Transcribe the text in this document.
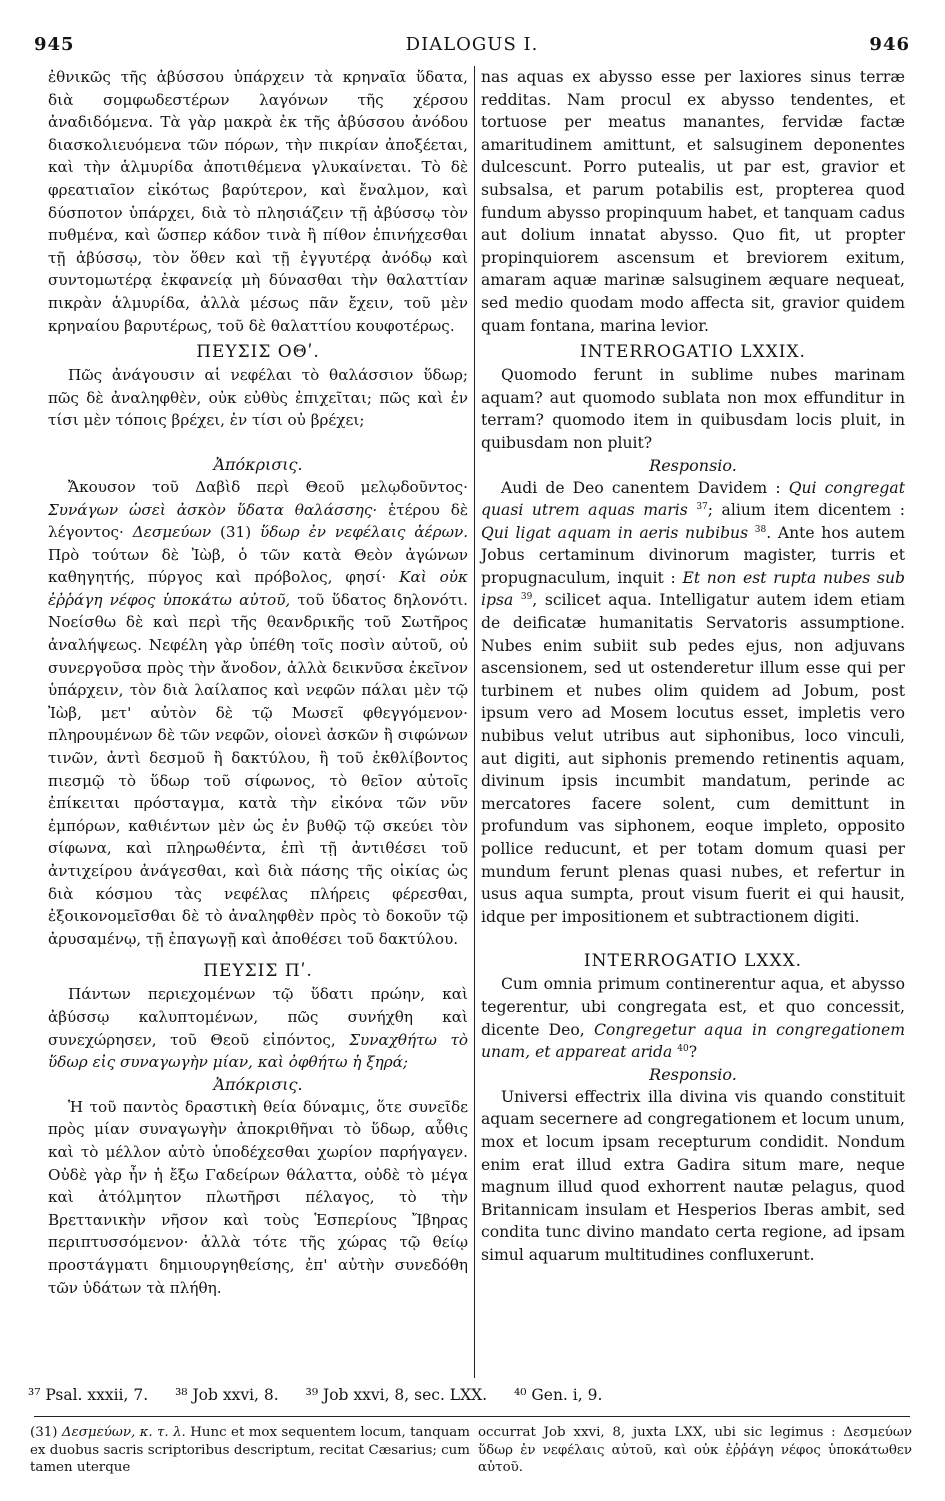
DIALOGUS I.
945	946

ἐθνικῶς τῆς ἀβύσσου ὑπάρχειν τὰ κρηναῖα ὕδατα, διὰ σομφωδεστέρων λαγόνων τῆς χέρσου ἀναδιδόμενα. Τὰ γὰρ μακρὰ ἐκ τῆς ἀβύσσου ἀνόδου διασκολιευόμενα τῶν πόρων, τὴν πικρίαν ἀποξέεται, καὶ τὴν ἁλμυρίδα ἀποτιθέμενα γλυκαίνεται. Τὸ δὲ φρεατιαῖον εἰκότως βαρύτερον, καὶ ἔναλμον, καὶ δύσποτον ὑπάρχει, διὰ τὸ πλησιάζειν τῇ ἀβύσσῳ τὸν πυθμένα, καὶ ὥσπερ κάδον τινὰ ἢ πίθον ἐπινήχεσθαι τῇ ἀβύσσῳ, τὸν ὅθεν καὶ τῇ ἐγγυτέρᾳ ἀνόδῳ καὶ συντομωτέρᾳ ἐκφανείᾳ μὴ δύνασθαι τὴν θαλαττίαν πικρὰν ἁλμυρίδα, ἀλλὰ μέσως πᾶν ἔχειν, τοῦ μὲν κρηναίου βαρυτέρως, τοῦ δὲ θαλαττίου κουφοτέρως.

ΠΕΥΣΙΣ ΟΘʹ.

Πῶς ἀνάγουσιν αἱ νεφέλαι τὸ θαλάσσιον ὕδωρ; πῶς δὲ ἀναληφθὲν, οὐκ εὐθὺς ἐπιχεῖται; πῶς καὶ ἐν τίσι μὲν τόποις βρέχει, ἐν τίσι οὐ βρέχει;

Ἀπόκρισις.

Ἄκουσον τοῦ Δαβὶδ περὶ Θεοῦ μελῳδοῦντος· Συνάγων ὡσεὶ ἀσκὸν ὕδατα θαλάσσης· ἑτέρου δὲ λέγοντος· Δεσμεύων (31) ὕδωρ ἐν νεφέλαις ἀέρων. Πρὸ τούτων δὲ Ἰὼβ, ὁ τῶν κατὰ Θεὸν ἀγώνων καθηγητής, πύργος καὶ πρόβολος, φησί· Καὶ οὐκ ἐῤῥάγη νέφος ὑποκάτω αὐτοῦ, τοῦ ὕδατος δηλονότι. Νοείσθω δὲ καὶ περὶ τῆς θεανδρικῆς τοῦ Σωτῆρος ἀναλήψεως. Νεφέλη γὰρ ὑπέθη τοῖς ποσὶν αὐτοῦ, οὐ συνεργοῦσα πρὸς τὴν ἄνοδον, ἀλλὰ δεικνῦσα ἐκεῖνον ὑπάρχειν, τὸν διὰ λαίλαπος καὶ νεφῶν πάλαι μὲν τῷ Ἰὼβ, μετ' αὐτὸν δὲ τῷ Μωσεῖ φθεγγόμενον· πληρουμένων δὲ τῶν νεφῶν, οἱονεὶ ἀσκῶν ἢ σιφώνων τινῶν, ἀντὶ δεσμοῦ ἢ δακτύλου, ἢ τοῦ ἐκθλίβοντος πιεσμῷ τὸ ὕδωρ τοῦ σίφωνος, τὸ θεῖον αὐτοῖς ἐπίκειται πρόσταγμα, κατὰ τὴν εἰκόνα τῶν νῦν ἐμπόρων, καθιέντων μὲν ὡς ἐν βυθῷ τῷ σκεύει τὸν σίφωνα, καὶ πληρωθέντα, ἐπὶ τῇ ἀντιθέσει τοῦ ἀντιχείρου ἀνάγεσθαι, καὶ διὰ πάσης τῆς οἰκίας ὡς διὰ κόσμου τὰς νεφέλας πλήρεις φέρεσθαι, ἐξοικονομεῖσθαι δὲ τὸ ἀναληφθὲν πρὸς τὸ δοκοῦν τῷ ἀρυσαμένῳ, τῇ ἐπαγωγῇ καὶ ἀποθέσει τοῦ δακτύλου.

ΠΕΥΣΙΣ Πʹ.

Πάντων περιεχομένων τῷ ὕδατι πρώην, καὶ ἀβύσσῳ καλυπτομένων, πῶς συνήχθη καὶ συνεχώρησεν, τοῦ Θεοῦ εἰπόντος, Συναχθήτω τὸ ὕδωρ εἰς συναγωγὴν μίαν, καὶ ὀφθήτω ἡ ξηρά;

Ἀπόκρισις.

Ἡ τοῦ παντὸς δραστικὴ θεία δύναμις, ὅτε συνεῖδε πρὸς μίαν συναγωγὴν ἀποκριθῆναι τὸ ὕδωρ, αὖθις καὶ τὸ μέλλον αὐτὸ ὑποδέχεσθαι χωρίον παρήγαγεν. Οὐδὲ γὰρ ἦν ἡ ἔξω Γαδείρων θάλαττα, οὐδὲ τὸ μέγα καὶ ἀτόλμητον πλωτῆρσι πέλαγος, τὸ τὴν Βρεττανικὴν νῆσον καὶ τοὺς Ἑσπερίους Ἴβηρας περιπτυσσόμενον· ἀλλὰ τότε τῆς χώρας τῷ θείῳ προστάγματι δημιουργηθείσης, ἐπ' αὐτὴν συνεδόθη τῶν ὑδάτων τὰ πλήθη.

nas aquas ex abysso esse per laxiores sinus terræ redditas. Nam procul ex abysso tendentes, et tortuose per meatus manantes, fervidæ factæ amaritudinem amittunt, et salsuginem deponentes dulcescunt. Porro putealis, ut par est, gravior et subsalsa, et parum potabilis est, propterea quod fundum abysso propinquum habet, et tanquam cadus aut dolium innatat abysso. Quo fit, ut propter propinquiorem ascensum et breviorem exitum, amaram aquæ marinæ salsuginem æquare nequeat, sed medio quodam modo affecta sit, gravior quidem quam fontana, marina levior.

INTERROGATIO LXXIX.

Quomodo ferunt in sublime nubes marinam aquam? aut quomodo sublata non mox effunditur in terram? quomodo item in quibusdam locis pluit, in quibusdam non pluit?

Responsio.

Audi de Deo canentem Davidem : Qui congregat quasi utrem aquas maris $^{37}$; alium item dicentem : Qui ligat aquam in aeris nubibus $^{38}$. Ante hos autem Jobus certaminum divinorum magister, turris et propugnaculum, inquit : Et non est rupta nubes sub ipsa $^{39}$, scilicet aqua. Intelligatur autem idem etiam de deificatæ humanitatis Servatoris assumptione. Nubes enim subiit sub pedes ejus, non adjuvans ascensionem, sed ut ostenderetur illum esse qui per turbinem et nubes olim quidem ad Jobum, post ipsum vero ad Mosem locutus esset, impletis vero nubibus velut utribus aut siphonibus, loco vinculi, aut digiti, aut siphonis premendo retinentis aquam, divinum ipsis incumbit mandatum, perinde ac mercatores facere solent, cum demittunt in profundum vas siphonem, eoque impleto, opposito pollice reducunt, et per totam domum quasi per mundum ferunt plenas quasi nubes, et refertur in usus aqua sumpta, prout visum fuerit ei qui hausit, idque per impositionem et subtractionem digiti.

INTERROGATIO LXXX.

Cum omnia primum continerentur aqua, et abysso tegerentur, ubi congregata est, et quo concessit, dicente Deo, Congregetur aqua in congregationem unam, et appareat arida $^{40}$?

Responsio.

Universi effectrix illa divina vis quando constituit aquam secernere ad congregationem et locum unum, mox et locum ipsam recepturum condidit. Nondum enim erat illud extra Gadira situm mare, neque magnum illud quod exhorrent nautæ pelagus, quod Britannicam insulam et Hesperios Iberas ambit, sed condita tunc divino mandato certa regione, ad ipsam simul aquarum multitudines confluxerunt.

³⁷ Psal. xxxii, 7. ³⁸ Job xxvi, 8. ³⁹ Job xxvi, 8, sec. LXX. ⁴⁰ Gen. i, 9.
(31) Δεσμεύων, κ. τ. λ. Hunc et mox sequentem locum, tanquam ex duobus sacris scriptoribus descriptum, recitat Cæsarius; cum tamen uterque
occurrat Job xxvi, 8, juxta LXX, ubi sic legimus : Δεσμεύων ὕδωρ ἐν νεφέλαις αὐτοῦ, καὶ οὐκ ἐῤῥάγη νέφος ὑποκάτωθεν αὐτοῦ.
